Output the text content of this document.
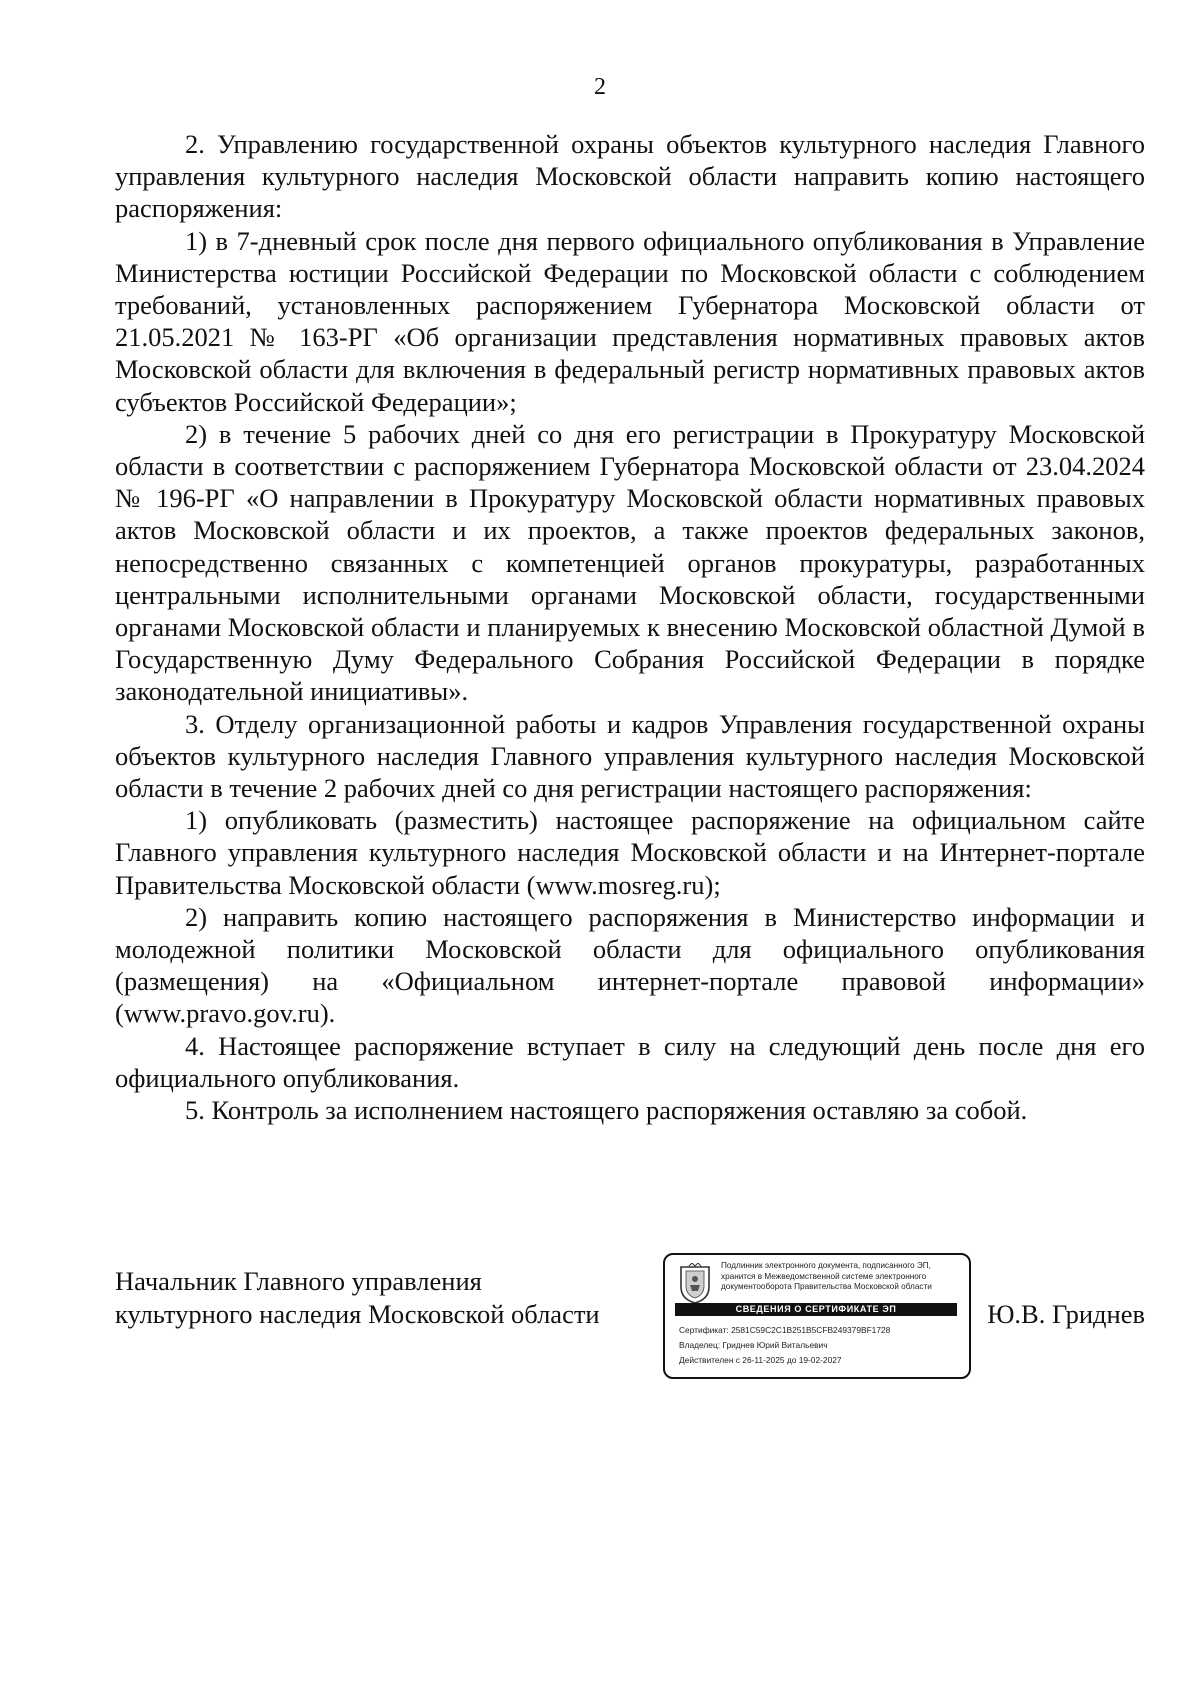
2

2. Управлению государственной охраны объектов культурного наследия Главного управления культурного наследия Московской области направить копию настоящего распоряжения:

1) в 7-дневный срок после дня первого официального опубликования в Управление Министерства юстиции Российской Федерации по Московской области с соблюдением требований, установленных распоряжением Губернатора Московской области от 21.05.2021 № 163-РГ «Об организации представления нормативных правовых актов Московской области для включения в федеральный регистр нормативных правовых актов субъектов Российской Федерации»;

2) в течение 5 рабочих дней со дня его регистрации в Прокуратуру Московской области в соответствии с распоряжением Губернатора Московской области от 23.04.2024 № 196-РГ «О направлении в Прокуратуру Московской области нормативных правовых актов Московской области и их проектов, а также проектов федеральных законов, непосредственно связанных с компетенцией органов прокуратуры, разработанных центральными исполнительными органами Московской области, государственными органами Московской области и планируемых к внесению Московской областной Думой в Государственную Думу Федерального Собрания Российской Федерации в порядке законодательной инициативы».

3. Отделу организационной работы и кадров Управления государственной охраны объектов культурного наследия Главного управления культурного наследия Московской области в течение 2 рабочих дней со дня регистрации настоящего распоряжения:

1) опубликовать (разместить) настоящее распоряжение на официальном сайте Главного управления культурного наследия Московской области и на Интернет-портале Правительства Московской области (www.mosreg.ru);

2) направить копию настоящего распоряжения в Министерство информации и молодежной политики Московской области для официального опубликования (размещения) на «Официальном интернет-портале правовой информации» (www.pravo.gov.ru).

4. Настоящее распоряжение вступает в силу на следующий день после дня его официального опубликования.

5. Контроль за исполнением настоящего распоряжения оставляю за собой.

Начальник Главного управления
культурного наследия Московской области
Подлинник электронного документа, подписанного ЭП,
хранится в Межведомственной системе электронного
документооборота Правительства Московской области
СВЕДЕНИЯ О СЕРТИФИКАТЕ ЭП
Сертификат: 2581C59C2C1B251B5CFB249379BF1728
Владелец: Гриднев Юрий Витальевич
Действителен с 26-11-2025 до 19-02-2027
Ю.В. Гриднев
